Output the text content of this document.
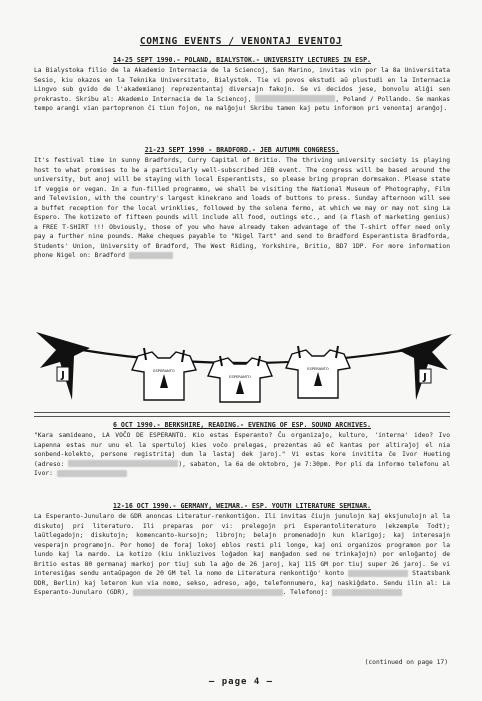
COMING EVENTS / VENONTAJ EVENTOJ

14-25 SEPT 1990.- POLAND, BIALYSTOK.- UNIVERSITY LECTURES IN ESP.

La Bialystoka filio de la Akademio Internacia de la Sciencoj, San Marino, invitas vin por la 8a Universitata Sesio, kiu okazos en la Teknika Universitato, Bialystok. Tie vi povos ekstudi aŭ plustudi en la Internacia Lingvo sub gvido de l'akademianoj reprezentantaj diversajn fakojn. Se vi decidos jese, bonvolu aliĝi sen prokrasto. Skribu al: Akademio Internacia de la Sciencoj,	, Poland / Pollando. Se mankas tempo aranĝi vian partoprenon ĉi tiun fojon, ne malĝoju! Skribu tamen kaj petu informon pri venontaj aranĝoj.

21-23 SEPT 1990 - BRADFORD.- JEB AUTUMN CONGRESS.

It's festival time in sunny Bradfords, Curry Capital of Britio. The thriving university society is playing host to what promises to be a particularly well-subscribed JEB event. The congress will be based around the university, but anoj will be staying with local Esperantists, so please bring propran dormsakon. Please state if veggie or vegan. In a fun-filled programmo, we shall be visiting the National Museum of Photography, Film and Television, with the country's largest kinekrano and loads of buttons to press. Sunday afternoon will see a buffet reception for the local wrinklies, followed by the solena fermo, at which we may or may not sing La Espero. The kotizeto of fifteen pounds will include all food, outings etc., and (a flash of marketing genius) a FREE T-SHIRT !!! Obviously, those of you who have already taken advantage of the T-shirt offer need only pay a further nine pounds. Make cheques payable to "Nigel Tart" and send to Bradford Esperantista Bradforda, Students' Union, University of Bradford, The West Riding, Yorkshire, Britio, BD7 1DP. For more information phone Nigel on: Bradford

J	J
ESPERANTO
ESPERANTO
ESPERANTO

6 OCT 1990.- BERKSHIRE, READING.- EVENING OF ESP. SOUND ARCHIVES.

"Kara samideano, LA VOĈO DE ESPERANTO. Kio estas Esperanto? Ĉu organizaĵo, kulturo, 'interna' ideo? Ivo Lapenna estas nur unu el la spertuloj kies voĉo prelegas, prezentas aŭ eĉ kantas por altiraĵoj el nia sonbend-kolekto, persone registritaj dum la lastaj dek jaroj." Vi estas kore invitita ĉe Ivor Hueting (adreso:	), sabaton, la 6a de oktobro, je 7:30pm. Por pli da informo telefonu al Ivor:

12-16 OCT 1990.- GERMANY, WEIMAR.- ESP. YOUTH LITERATURE SEMINAR.

La Esperanto-Junularo de GDR anoncas Literatur-renkontiĝon. Ili invitas ĉiujn junulojn kaj eksjunulojn al la diskutoj pri literaturo. Ili preparas por vi: prelegojn pri Esperantoliteraturo (ekzemple Todt); laŭtlegadojn; diskutojn; komencanto-kursojn; librojn; belajn promenadojn kun klarigoj; kaj interesajn vesperajn programojn. Por homoj de foraj lokoj eblos resti pli longe, kaj oni organizos programon por la lundo kaj la mardo. La kotizo (kiu inkluzivos loĝadon kaj manĝadon sed ne trinkaĵojn) por enloĝantoj de Britio estas 80 germanaj markoj por tiuj sub la aĝo de 26 jaroj, kaj 115 GM por tiuj super 26 jaroj. Se vi interesiĝas sendu antaŭpagon de 20 GM tel la nomo de Literatura renkontiĝo' konto	Staatsbank DDR, Berlin) kaj leteron kun via nomo, sekso, adreso, aĝo, telefonnumero, kaj naskiĝdato. Sendu ilin al: La Esperanto-Junularo (GDR),	. Telefonoj:

(continued on page 17)
— page 4 —
